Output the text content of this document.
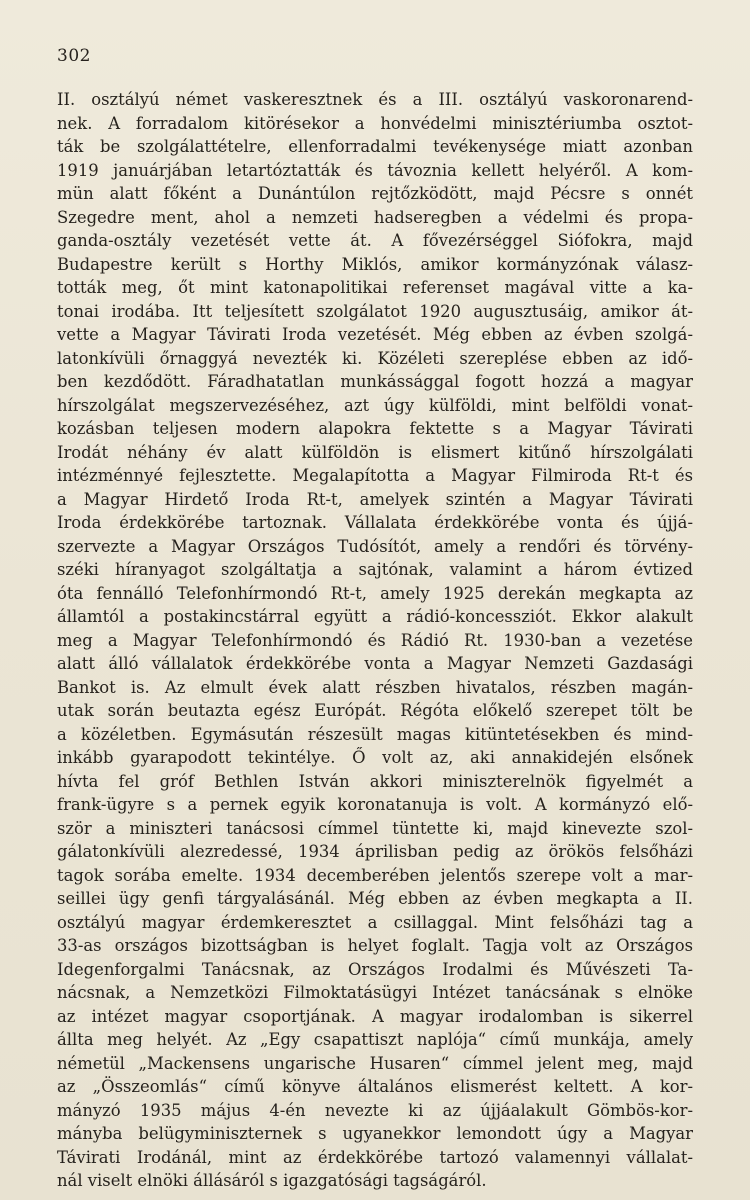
302
II. osztályú német vaskeresztnek és a III. osztályú vaskoronarend-
nek. A forradalom kitörésekor a honvédelmi minisztériumba osztot-
ták be szolgálattételre, ellenforradalmi tevékenysége miatt azonban
1919 januárjában letartóztatták és távoznia kellett helyéről. A kom-
mün alatt főként a Dunántúlon rejtőzködött, majd Pécsre s onnét
Szegedre ment, ahol a nemzeti hadseregben a védelmi és propa-
ganda-osztály vezetését vette át. A fővezérséggel Siófokra, majd
Budapestre került s Horthy Miklós, amikor kormányzónak válasz-
tották meg, őt mint katonapolitikai referenset magával vitte a ka-
tonai irodába. Itt teljesített szolgálatot 1920 augusztusáig, amikor át-
vette a Magyar Távirati Iroda vezetését. Még ebben az évben szolgá-
latonkívüli őrnaggyá nevezték ki. Közéleti szereplése ebben az idő-
ben kezdődött. Fáradhatatlan munkássággal fogott hozzá a magyar
hírszolgálat megszervezéséhez, azt úgy külföldi, mint belföldi vonat-
kozásban teljesen modern alapokra fektette s a Magyar Távirati
Irodát néhány év alatt külföldön is elismert kitűnő hírszolgálati
intézménnyé fejlesztette. Megalapította a Magyar Filmiroda Rt-t és
a Magyar Hirdető Iroda Rt-t, amelyek szintén a Magyar Távirati
Iroda érdekkörébe tartoznak. Vállalata érdekkörébe vonta és újjá-
szervezte a Magyar Országos Tudósítót, amely a rendőri és törvény-
széki híranyagot szolgáltatja a sajtónak, valamint a három évtized
óta fennálló Telefonhírmondó Rt-t, amely 1925 derekán megkapta az
államtól a postakincstárral együtt a rádió-koncessziót. Ekkor alakult
meg a Magyar Telefonhírmondó és Rádió Rt. 1930-ban a vezetése
alatt álló vállalatok érdekkörébe vonta a Magyar Nemzeti Gazdasági
Bankot is. Az elmult évek alatt részben hivatalos, részben magán-
utak során beutazta egész Európát. Régóta előkelő szerepet tölt be
a közéletben. Egymásután részesült magas kitüntetésekben és mind-
inkább gyarapodott tekintélye. Ő volt az, aki annakidején elsőnek
hívta fel gróf Bethlen István akkori miniszterelnök figyelmét a
frank-ügyre s a pernek egyik koronatanuja is volt. A kormányzó elő-
ször a miniszteri tanácsosi címmel tüntette ki, majd kinevezte szol-
gálatonkívüli alezredessé, 1934 áprilisban pedig az örökös felsőházi
tagok sorába emelte. 1934 decemberében jelentős szerepe volt a mar-
seillei ügy genfi tárgyalásánál. Még ebben az évben megkapta a II.
osztályú magyar érdemkeresztet a csillaggal. Mint felsőházi tag a
33-as országos bizottságban is helyet foglalt. Tagja volt az Országos
Idegenforgalmi Tanácsnak, az Országos Irodalmi és Művészeti Ta-
nácsnak, a Nemzetközi Filmoktatásügyi Intézet tanácsának s elnöke
az intézet magyar csoportjának. A magyar irodalomban is sikerrel
állta meg helyét. Az „Egy csapattiszt naplója“ című munkája, amely
németül „Mackensens ungarische Husaren“ címmel jelent meg, majd
az „Összeomlás“ című könyve általános elismerést keltett. A kor-
mányzó 1935 május 4-én nevezte ki az újjáalakult Gömbös-kor-
mányba belügyminiszternek s ugyanekkor lemondott úgy a Magyar
Távirati Irodánál, mint az érdekkörébe tartozó valamennyi vállalat-
nál viselt elnöki állásáról s igazgatósági tagságáról.
